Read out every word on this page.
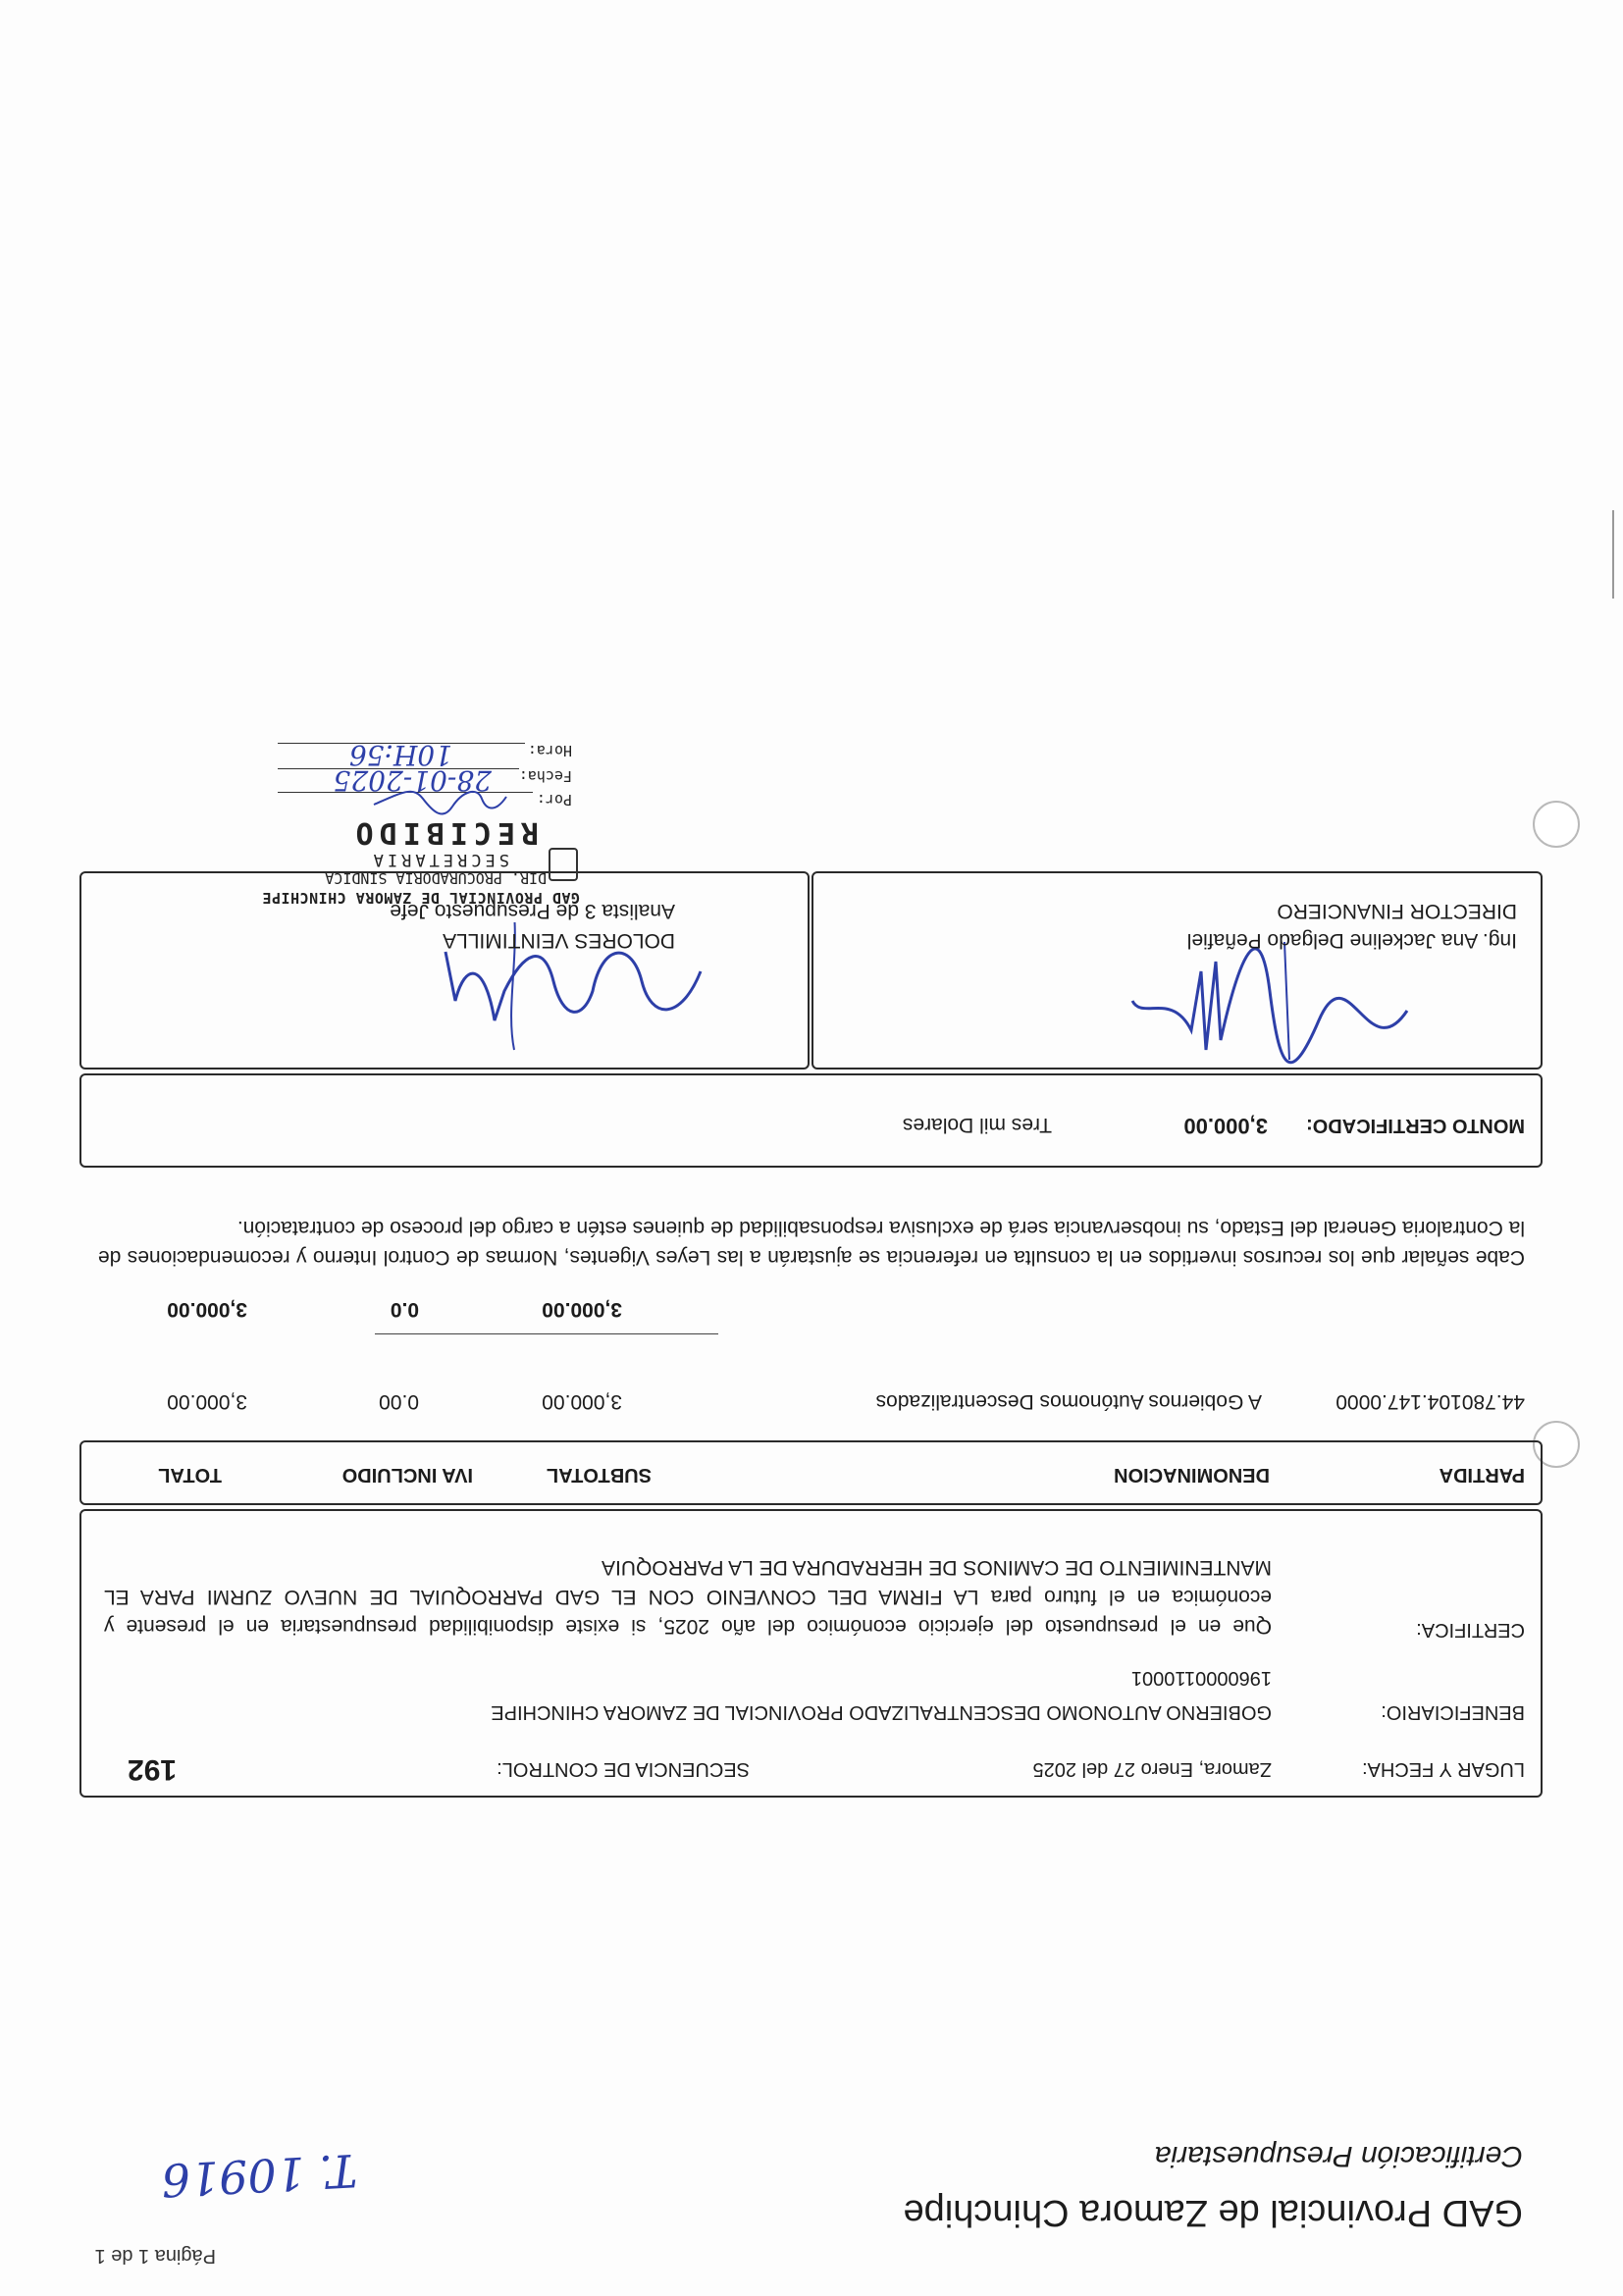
Página 1 de 1
GAD Provincial de Zamora Chinchipe
Certificación Presupuestaria
T. 10916
LUGAR Y FECHA:
Zamora, Enero 27 del 2025
SECUENCIA DE CONTROL:
192
BENEFICIARIO:
GOBIERNO AUTONOMO DESCENTRALIZADO PROVINCIAL DE ZAMORA CHINCHIPE
1960000110001
CERTIFICA:
Que en el presupuesto del ejercicio económico del año 2025, si existe disponibilidad presupuestaria en el presente y económica en el futuro para LA FIRMA DEL CONVENIO CON EL GAD PARROQUIAL DE NUEVO ZURMI PARA EL MANTENIMIENTO DE CAMINOS DE HERRADURA DE LA PARROQUIA
PARTIDA
DENOMINACION
SUBTOTAL
IVA INCLUIDO
TOTAL
44.780104.147.0000
A Gobiernos Autónomos Descentralizados
3,000.00
0.00
3,000.00
3,000.00
0.0
3,000.00
Cabe señalar que los recursos invertidos en la consulta en referencia se ajustarán a las Leyes Vigentes, Normas de Control Interno y recomendaciones de la Contraloria General del Estado, su inobservancia será de exclusiva responsabilidad de quienes estén a cargo del proceso de contratación.
MONTO CERTIFICADO:
3,000.00
Tres mil Dolares
Ing. Ana Jackeline Delgado Peñafiel
DIRECTOR FINANCIERO
DOLORES VEINTIMILLA
Analista 3 de Presupuesto Jefe
GAD PROVINCIAL DE ZAMORA CHINCHIPE
DIR. PROCURADORIA SINDICA
SECRETARIA
RECIBIDO
Por:
Fecha:
28-01-2025
Hora:
10H:56
